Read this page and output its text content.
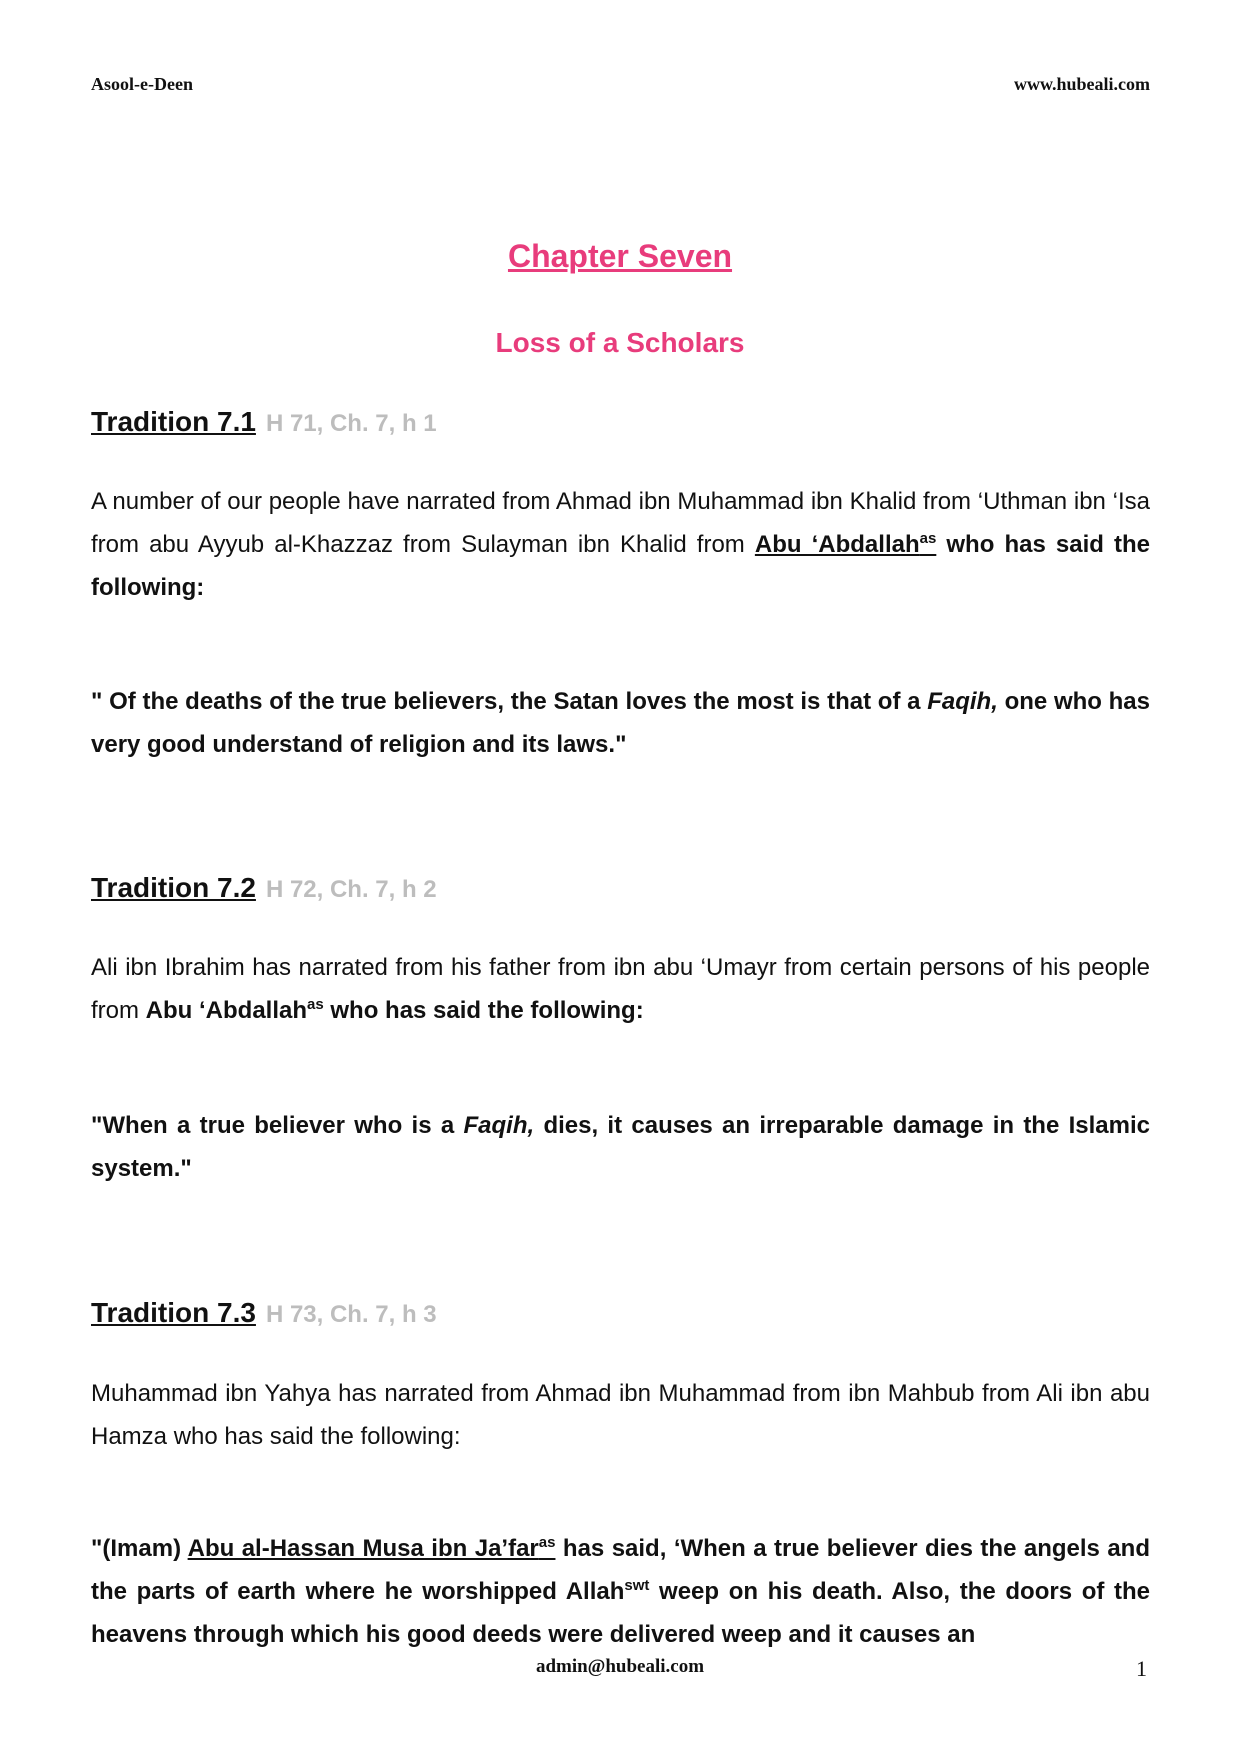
Asool-e-Deen	www.hubeali.com
Chapter Seven
Loss of a Scholars
Tradition 7.1 H 71, Ch. 7, h 1
A number of our people have narrated from Ahmad ibn Muhammad ibn Khalid from ‘Uthman ibn ‘Isa from abu Ayyub al-Khazzaz from Sulayman ibn Khalid from Abu ‘Abdallah$^{as}$ who has said the following:
" Of the deaths of the true believers, the Satan loves the most is that of a Faqih, one who has very good understand of religion and its laws."
Tradition 7.2 H 72, Ch. 7, h 2
Ali ibn Ibrahim has narrated from his father from ibn abu ‘Umayr from certain persons of his people from Abu ‘Abdallah$^{as}$ who has said the following:
"When a true believer who is a Faqih, dies, it causes an irreparable damage in the Islamic system."
Tradition 7.3 H 73, Ch. 7, h 3
Muhammad ibn Yahya has narrated from Ahmad ibn Muhammad from ibn Mahbub from Ali ibn abu Hamza who has said the following:
"(Imam) Abu al-Hassan Musa ibn Ja’far$^{as}$ has said, ‘When a true believer dies the angels and the parts of earth where he worshipped Allah$^{swt}$ weep on his death. Also, the doors of the heavens through which his good deeds were delivered weep and it causes an
admin@hubeali.com	1
